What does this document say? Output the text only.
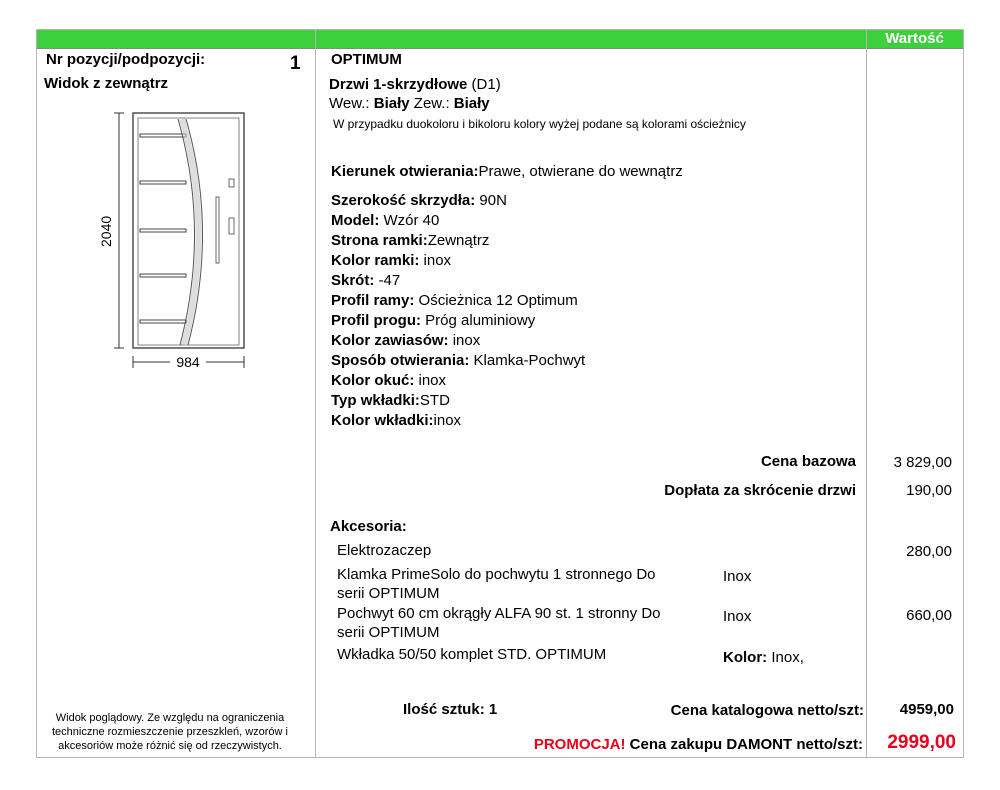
Wartość
Nr pozycji/podpozycji:	1
Widok z zewnątrz
2040
984
Widok poglądowy. Ze względu na ograniczenia techniczne rozmieszczenie przeszkleń, wzorów i akcesoriów może różnić się od rzeczywistych.
OPTIMUM
Drzwi 1-skrzydłowe (D1)
Wew.: Biały Zew.: Biały
W przypadku duokoloru i bikoloru kolory wyżej podane są kolorami ościeżnicy
Kierunek otwierania:Prawe, otwierane do wewnątrz
Szerokość skrzydła: 90N
Model: Wzór 40
Strona ramki:Zewnątrz
Kolor ramki: inox
Skrót: -47
Profil ramy: Ościeżnica 12 Optimum
Profil progu: Próg aluminiowy
Kolor zawiasów: inox
Sposób otwierania: Klamka-Pochwyt
Kolor okuć: inox
Typ wkładki:STD
Kolor wkładki:inox
Cena bazowa	3 829,00
Dopłata za skrócenie drzwi	190,00
Akcesoria:
Elektrozaczep	280,00
Klamka PrimeSolo do pochwytu 1 stronnego Do
serii OPTIMUM
Inox
Pochwyt 60 cm okrągły ALFA 90 st. 1 stronny Do
serii OPTIMUM
Inox	660,00
Wkładka 50/50 komplet STD. OPTIMUM	Kolor: Inox,
Ilość sztuk: 1	Cena katalogowa netto/szt:	4959,00
PROMOCJA! Cena zakupu DAMONT netto/szt:	2999,00
